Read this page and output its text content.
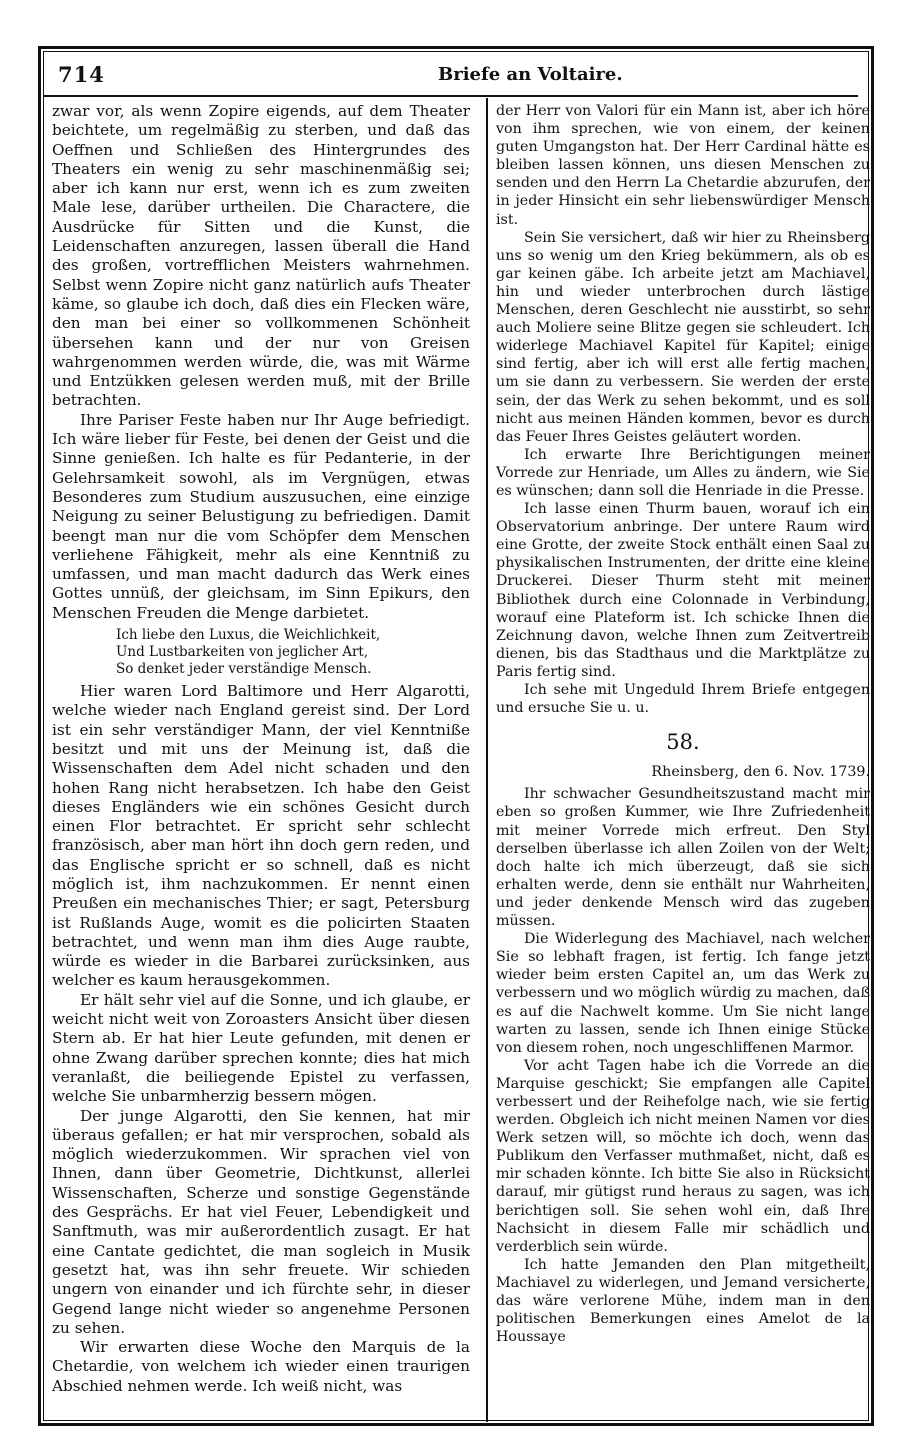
714	Briefe an Voltaire.

zwar vor, als wenn Zopire eigends, auf dem Theater beichtete, um regelmäßig zu sterben, und daß das Oeffnen und Schließen des Hintergrundes des Theaters ein wenig zu sehr maschinenmäßig sei; aber ich kann nur erst, wenn ich es zum zweiten Male lese, darüber urtheilen. Die Charactere, die Ausdrücke für Sitten und die Kunst, die Leidenschaften anzuregen, lassen überall die Hand des großen, vortrefflichen Meisters wahrnehmen. Selbst wenn Zopire nicht ganz natürlich aufs Theater käme, so glaube ich doch, daß dies ein Flecken wäre, den man bei einer so vollkommenen Schönheit übersehen kann und der nur von Greisen wahrgenommen werden würde, die, was mit Wärme und Entzükken gelesen werden muß, mit der Brille betrachten.

Ihre Pariser Feste haben nur Ihr Auge befriedigt. Ich wäre lieber für Feste, bei denen der Geist und die Sinne genießen. Ich halte es für Pedanterie, in der Gelehrsamkeit sowohl, als im Vergnügen, etwas Besonderes zum Studium auszusuchen, eine einzige Neigung zu seiner Belustigung zu befriedigen. Damit beengt man nur die vom Schöpfer dem Menschen verliehene Fähigkeit, mehr als eine Kenntniß zu umfassen, und man macht dadurch das Werk eines Gottes unnüß, der gleichsam, im Sinn Epikurs, den Menschen Freuden die Menge darbietet.

Ich liebe den Luxus, die Weichlichkeit,
Und Lustbarkeiten von jeglicher Art,
So denket jeder verständige Mensch.

Hier waren Lord Baltimore und Herr Algarotti, welche wieder nach England gereist sind. Der Lord ist ein sehr verständiger Mann, der viel Kenntniße besitzt und mit uns der Meinung ist, daß die Wissenschaften dem Adel nicht schaden und den hohen Rang nicht herabsetzen. Ich habe den Geist dieses Engländers wie ein schönes Gesicht durch einen Flor betrachtet. Er spricht sehr schlecht französisch, aber man hört ihn doch gern reden, und das Englische spricht er so schnell, daß es nicht möglich ist, ihm nachzukommen. Er nennt einen Preußen ein mechanisches Thier; er sagt, Petersburg ist Rußlands Auge, womit es die policirten Staaten betrachtet, und wenn man ihm dies Auge raubte, würde es wieder in die Barbarei zurücksinken, aus welcher es kaum herausgekommen.

Er hält sehr viel auf die Sonne, und ich glaube, er weicht nicht weit von Zoroasters Ansicht über diesen Stern ab. Er hat hier Leute gefunden, mit denen er ohne Zwang darüber sprechen konnte; dies hat mich veranlaßt, die beiliegende Epistel zu verfassen, welche Sie unbarmherzig bessern mögen.

Der junge Algarotti, den Sie kennen, hat mir überaus gefallen; er hat mir versprochen, sobald als möglich wiederzukommen. Wir sprachen viel von Ihnen, dann über Geometrie, Dichtkunst, allerlei Wissenschaften, Scherze und sonstige Gegenstände des Gesprächs. Er hat viel Feuer, Lebendigkeit und Sanftmuth, was mir außerordentlich zusagt. Er hat eine Cantate gedichtet, die man sogleich in Musik gesetzt hat, was ihn sehr freuete. Wir schieden ungern von einander und ich fürchte sehr, in dieser Gegend lange nicht wieder so angenehme Personen zu sehen.

Wir erwarten diese Woche den Marquis de la Chetardie, von welchem ich wieder einen traurigen Abschied nehmen werde. Ich weiß nicht, was

der Herr von Valori für ein Mann ist, aber ich höre von ihm sprechen, wie von einem, der keinen guten Umgangston hat. Der Herr Cardinal hätte es bleiben lassen können, uns diesen Menschen zu senden und den Herrn La Chetardie abzurufen, der in jeder Hinsicht ein sehr liebenswürdiger Mensch ist.

Sein Sie versichert, daß wir hier zu Rheinsberg uns so wenig um den Krieg bekümmern, als ob es gar keinen gäbe. Ich arbeite jetzt am Machiavel, hin und wieder unterbrochen durch lästige Menschen, deren Geschlecht nie ausstirbt, so sehr auch Moliere seine Blitze gegen sie schleudert. Ich widerlege Machiavel Kapitel für Kapitel; einige sind fertig, aber ich will erst alle fertig machen, um sie dann zu verbessern. Sie werden der erste sein, der das Werk zu sehen bekommt, und es soll nicht aus meinen Händen kommen, bevor es durch das Feuer Ihres Geistes geläutert worden.

Ich erwarte Ihre Berichtigungen meiner Vorrede zur Henriade, um Alles zu ändern, wie Sie es wünschen; dann soll die Henriade in die Presse.

Ich lasse einen Thurm bauen, worauf ich ein Observatorium anbringe. Der untere Raum wird eine Grotte, der zweite Stock enthält einen Saal zu physikalischen Instrumenten, der dritte eine kleine Druckerei. Dieser Thurm steht mit meiner Bibliothek durch eine Colonnade in Verbindung, worauf eine Plateform ist. Ich schicke Ihnen die Zeichnung davon, welche Ihnen zum Zeitvertreib dienen, bis das Stadthaus und die Marktplätze zu Paris fertig sind.

Ich sehe mit Ungeduld Ihrem Briefe entgegen und ersuche Sie u. u.

58.
Rheinsberg, den 6. Nov. 1739.

Ihr schwacher Gesundheitszustand macht mir eben so großen Kummer, wie Ihre Zufriedenheit mit meiner Vorrede mich erfreut. Den Styl derselben überlasse ich allen Zoilen von der Welt; doch halte ich mich überzeugt, daß sie sich erhalten werde, denn sie enthält nur Wahrheiten, und jeder denkende Mensch wird das zugeben müssen.

Die Widerlegung des Machiavel, nach welcher Sie so lebhaft fragen, ist fertig. Ich fange jetzt wieder beim ersten Capitel an, um das Werk zu verbessern und wo möglich würdig zu machen, daß es auf die Nachwelt komme. Um Sie nicht lange warten zu lassen, sende ich Ihnen einige Stücke von diesem rohen, noch ungeschliffenen Marmor.

Vor acht Tagen habe ich die Vorrede an die Marquise geschickt; Sie empfangen alle Capitel verbessert und der Reihefolge nach, wie sie fertig werden. Obgleich ich nicht meinen Namen vor dies Werk setzen will, so möchte ich doch, wenn das Publikum den Verfasser muthmaßet, nicht, daß es mir schaden könnte. Ich bitte Sie also in Rücksicht darauf, mir gütigst rund heraus zu sagen, was ich berichtigen soll. Sie sehen wohl ein, daß Ihre Nachsicht in diesem Falle mir schädlich und verderblich sein würde.

Ich hatte Jemanden den Plan mitgetheilt, Machiavel zu widerlegen, und Jemand versicherte, das wäre verlorene Mühe, indem man in den politischen Bemerkungen eines Amelot de la Houssaye
